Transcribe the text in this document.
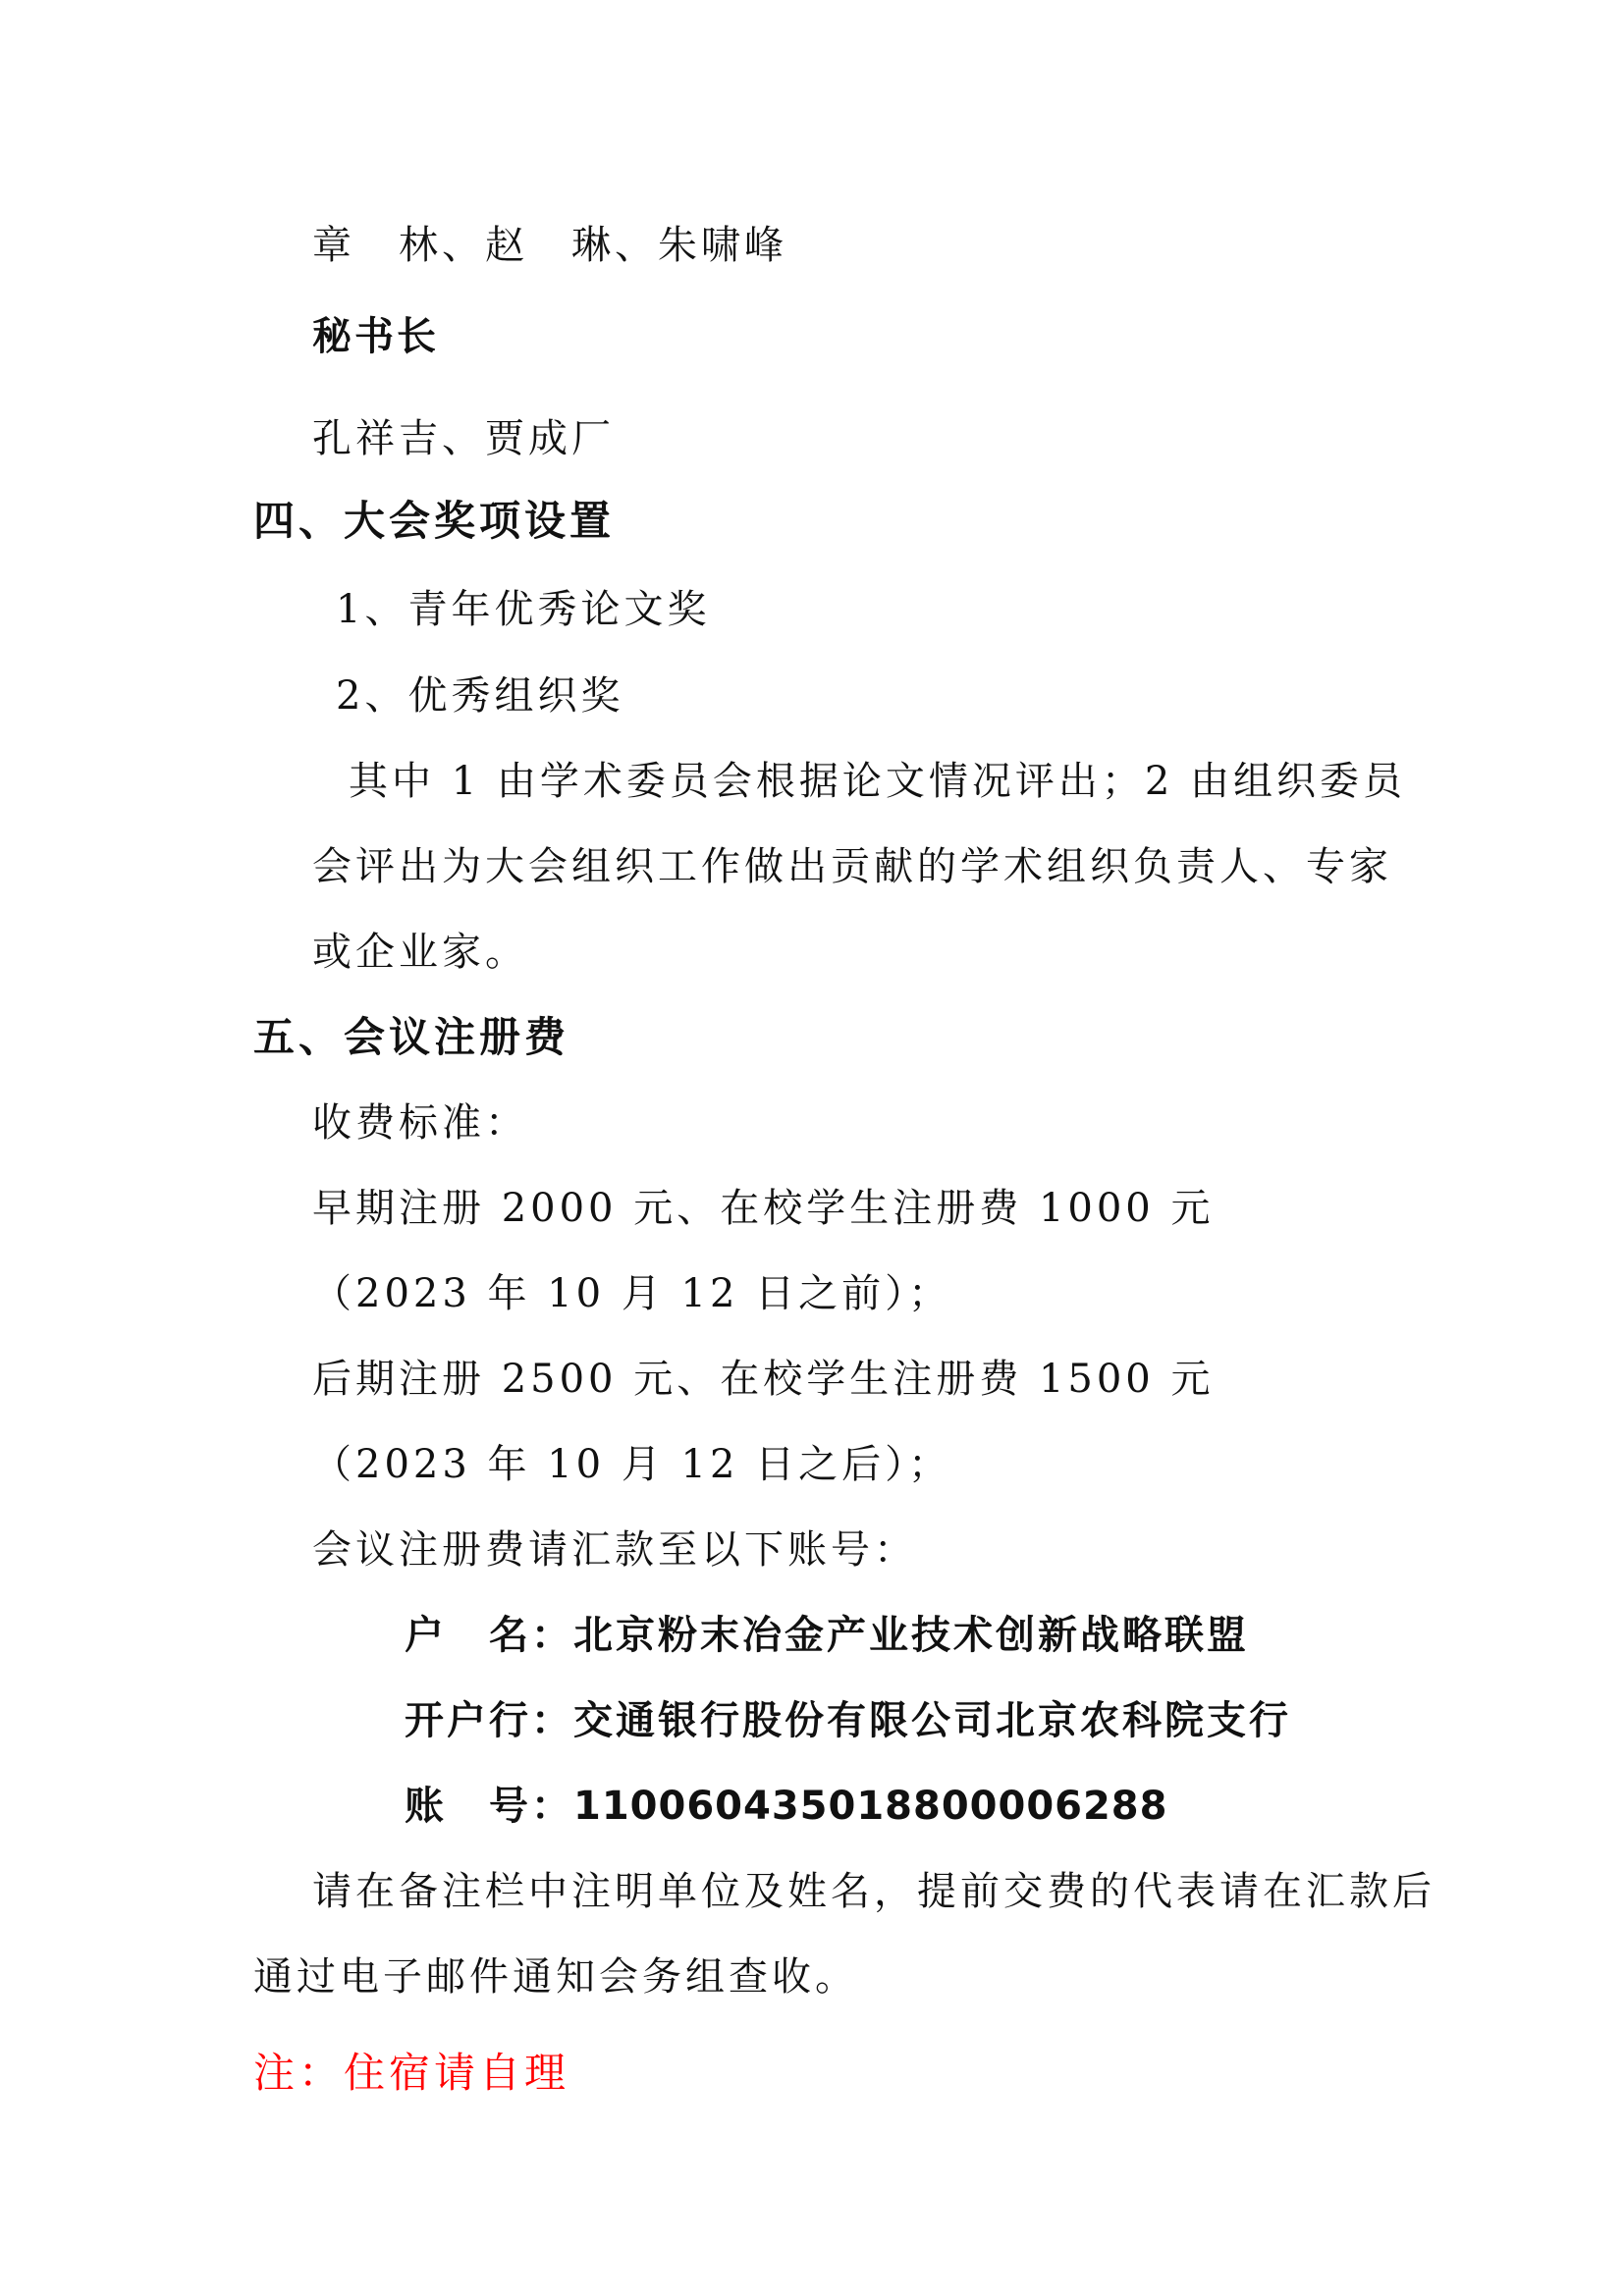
章　林、赵　琳、朱啸峰
秘书长
孔祥吉、贾成厂
四、大会奖项设置
1、青年优秀论文奖
2、优秀组织奖
其中 1 由学术委员会根据论文情况评出；2 由组织委员
会评出为大会组织工作做出贡献的学术组织负责人、专家
或企业家。
五、会议注册费
收费标准：
早期注册 2000 元、在校学生注册费 1000 元
（2023 年 10 月 12 日之前）；
后期注册 2500 元、在校学生注册费 1500 元
（2023 年 10 月 12 日之后）；
会议注册费请汇款至以下账号：
户　名：北京粉末冶金产业技术创新战略联盟
开户行：交通银行股份有限公司北京农科院支行
账　号：110060435018800006288
请在备注栏中注明单位及姓名，提前交费的代表请在汇款后
通过电子邮件通知会务组查收。
注：住宿请自理
